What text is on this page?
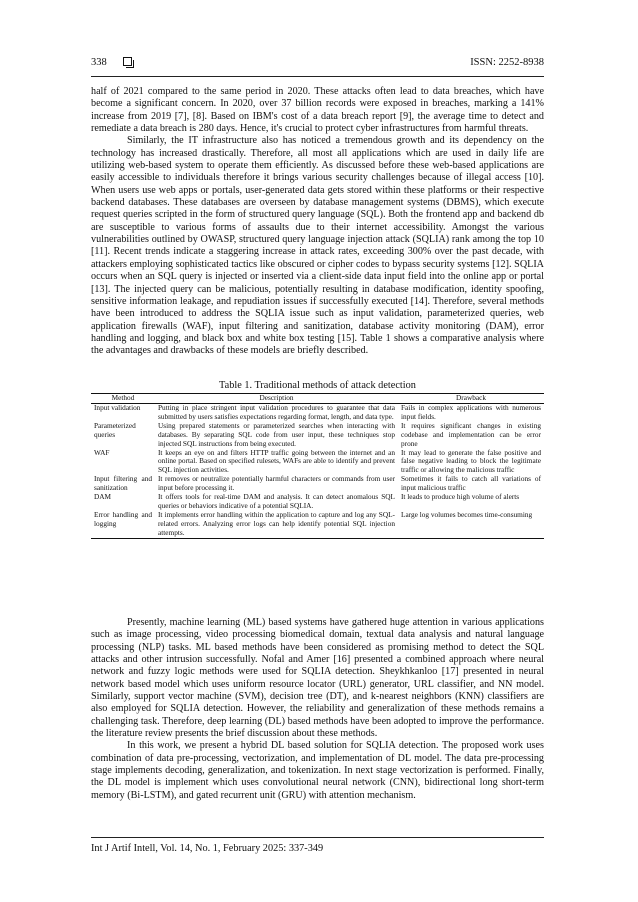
338	ISSN: 2252-8938

half of 2021 compared to the same period in 2020. These attacks often lead to data breaches, which have become a significant concern. In 2020, over 37 billion records were exposed in breaches, marking a 141% increase from 2019 [7], [8]. Based on IBM's cost of a data breach report [9], the average time to detect and remediate a data breach is 280 days. Hence, it's crucial to protect cyber infrastructures from harmful threats.

Similarly, the IT infrastructure also has noticed a tremendous growth and its dependency on the technology has increased drastically. Therefore, all most all applications which are used in daily life are utilizing web-based system to operate them efficiently. As discussed before these web-based applications are easily accessible to individuals therefore it brings various security challenges because of illegal access [10]. When users use web apps or portals, user-generated data gets stored within these platforms or their respective backend databases. These databases are overseen by database management systems (DBMS), which execute request queries scripted in the form of structured query language (SQL). Both the frontend app and backend db are susceptible to various forms of assaults due to their internet accessibility. Amongst the various vulnerabilities outlined by OWASP, structured query language injection attack (SQLIA) rank among the top 10 [11]. Recent trends indicate a staggering increase in attack rates, exceeding 300% over the past decade, with attackers employing sophisticated tactics like obscured or cipher codes to bypass security systems [12]. SQLIA occurs when an SQL query is injected or inserted via a client-side data input field into the online app or portal [13]. The injected query can be malicious, potentially resulting in database modification, identity spoofing, sensitive information leakage, and repudiation issues if successfully executed [14]. Therefore, several methods have been introduced to address the SQLIA issue such as input validation, parameterized queries, web application firewalls (WAF), input filtering and sanitization, database activity monitoring (DAM), error handling and logging, and black box and white box testing [15]. Table 1 shows a comparative analysis where the advantages and drawbacks of these models are briefly described.

Table 1. Traditional methods of attack detection
Method	Description	Drawback
Input validation	Putting in place stringent input validation procedures to guarantee that data submitted by users satisfies expectations regarding format, length, and data type.	Fails in complex applications with numerous input fields.
Parameterized queries	Using prepared statements or parameterized searches when interacting with databases. By separating SQL code from user input, these techniques stop injected SQL instructions from being executed.	It requires significant changes in existing codebase and implementation can be error prone
WAF	It keeps an eye on and filters HTTP traffic going between the internet and an online portal. Based on specified rulesets, WAFs are able to identify and prevent SQL injection activities.	It may lead to generate the false positive and false negative leading to block the legitimate traffic or allowing the malicious traffic
Input filtering and sanitization	It removes or neutralize potentially harmful characters or commands from user input before processing it.	Sometimes it fails to catch all variations of input malicious traffic
DAM	It offers tools for real-time DAM and analysis. It can detect anomalous SQL queries or behaviors indicative of a potential SQLIA.	It leads to produce high volume of alerts
Error handling and logging	It implements error handling within the application to capture and log any SQL-related errors. Analyzing error logs can help identify potential SQL injection attempts.	Large log volumes becomes time-consuming

Presently, machine learning (ML) based systems have gathered huge attention in various applications such as image processing, video processing biomedical domain, textual data analysis and natural language processing (NLP) tasks. ML based methods have been considered as promising method to detect the SQL attacks and other intrusion successfully. Nofal and Amer [16] presented a combined approach where neural network and fuzzy logic methods were used for SQLIA detection. Sheykhkanloo [17] presented in neural network based model which uses uniform resource locator (URL) generator, URL classifier, and NN model. Similarly, support vector machine (SVM), decision tree (DT), and k-nearest neighbors (KNN) classifiers are also employed for SQLIA detection. However, the reliability and generalization of these methods remains a challenging task. Therefore, deep learning (DL) based methods have been adopted to improve the performance. the literature review presents the brief discussion about these methods.

In this work, we present a hybrid DL based solution for SQLIA detection. The proposed work uses combination of data pre-processing, vectorization, and implementation of DL model. The data pre-processing stage implements decoding, generalization, and tokenization. In next stage vectorization is performed. Finally, the DL model is implement which uses convolutional neural network (CNN), bidirectional long short-term memory (Bi-LSTM), and gated recurrent unit (GRU) with attention mechanism.

Int J Artif Intell, Vol. 14, No. 1, February 2025: 337-349
